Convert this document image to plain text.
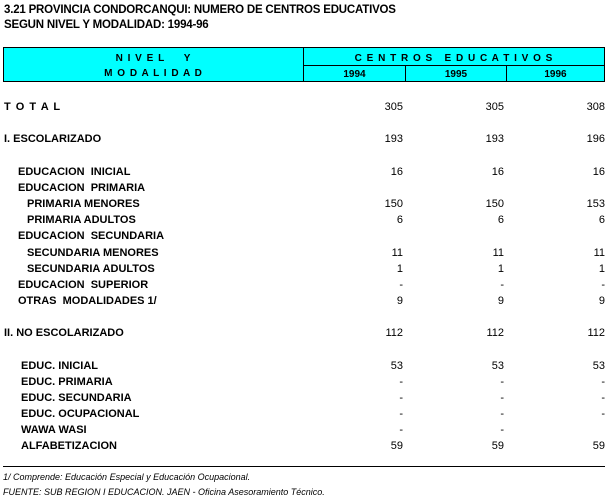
3.21 PROVINCIA CONDORCANQUI: NUMERO DE CENTROS EDUCATIVOS
SEGUN NIVEL Y MODALIDAD: 1994-96
N I V E L     Y
M O D A L I D A D
C E N T R O S   E D U C A T I V O S
1994	1995	1996
T O T A L	305	305	308
I. ESCOLARIZADO	193	193	196
EDUCACION  INICIAL	16	16	16
EDUCACION  PRIMARIA
PRIMARIA MENORES	150	150	153
PRIMARIA ADULTOS	6	6	6
EDUCACION  SECUNDARIA
SECUNDARIA MENORES	11	11	11
SECUNDARIA ADULTOS	1	1	1
EDUCACION  SUPERIOR	-	-	-
OTRAS  MODALIDADES 1/	9	9	9
II. NO ESCOLARIZADO	112	112	112
EDUC. INICIAL	53	53	53
EDUC. PRIMARIA	-	-	-
EDUC. SECUNDARIA	-	-	-
EDUC. OCUPACIONAL	-	-	-
WAWA WASI	-	-
ALFABETIZACION	59	59	59
1/ Comprende: Educación Especial y Educación Ocupacional.
FUENTE: SUB REGION I EDUCACION. JAEN - Oficina Asesoramiento Técnico.
